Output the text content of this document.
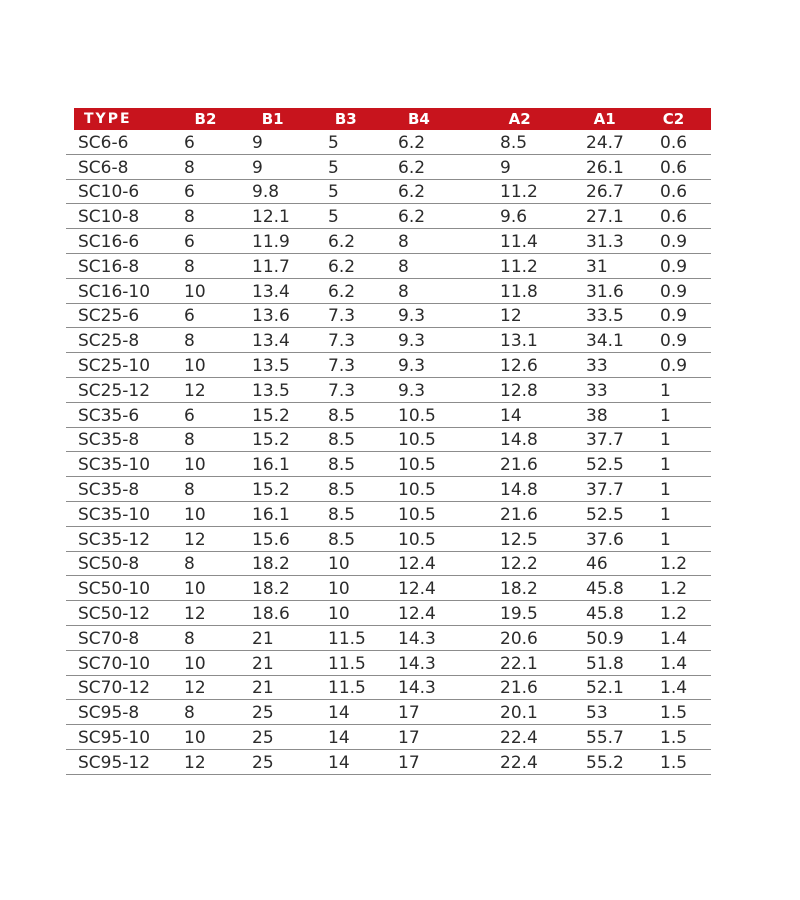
TYPE	B2	B1	B3	B4	A2	A1	C2
SC6-6	6	9	5	6.2	8.5	24.7	0.6
SC6-8	8	9	5	6.2	9	26.1	0.6
SC10-6	6	9.8	5	6.2	11.2	26.7	0.6
SC10-8	8	12.1	5	6.2	9.6	27.1	0.6
SC16-6	6	11.9	6.2	8	11.4	31.3	0.9
SC16-8	8	11.7	6.2	8	11.2	31	0.9
SC16-10	10	13.4	6.2	8	11.8	31.6	0.9
SC25-6	6	13.6	7.3	9.3	12	33.5	0.9
SC25-8	8	13.4	7.3	9.3	13.1	34.1	0.9
SC25-10	10	13.5	7.3	9.3	12.6	33	0.9
SC25-12	12	13.5	7.3	9.3	12.8	33	1
SC35-6	6	15.2	8.5	10.5	14	38	1
SC35-8	8	15.2	8.5	10.5	14.8	37.7	1
SC35-10	10	16.1	8.5	10.5	21.6	52.5	1
SC35-8	8	15.2	8.5	10.5	14.8	37.7	1
SC35-10	10	16.1	8.5	10.5	21.6	52.5	1
SC35-12	12	15.6	8.5	10.5	12.5	37.6	1
SC50-8	8	18.2	10	12.4	12.2	46	1.2
SC50-10	10	18.2	10	12.4	18.2	45.8	1.2
SC50-12	12	18.6	10	12.4	19.5	45.8	1.2
SC70-8	8	21	11.5	14.3	20.6	50.9	1.4
SC70-10	10	21	11.5	14.3	22.1	51.8	1.4
SC70-12	12	21	11.5	14.3	21.6	52.1	1.4
SC95-8	8	25	14	17	20.1	53	1.5
SC95-10	10	25	14	17	22.4	55.7	1.5
SC95-12	12	25	14	17	22.4	55.2	1.5
